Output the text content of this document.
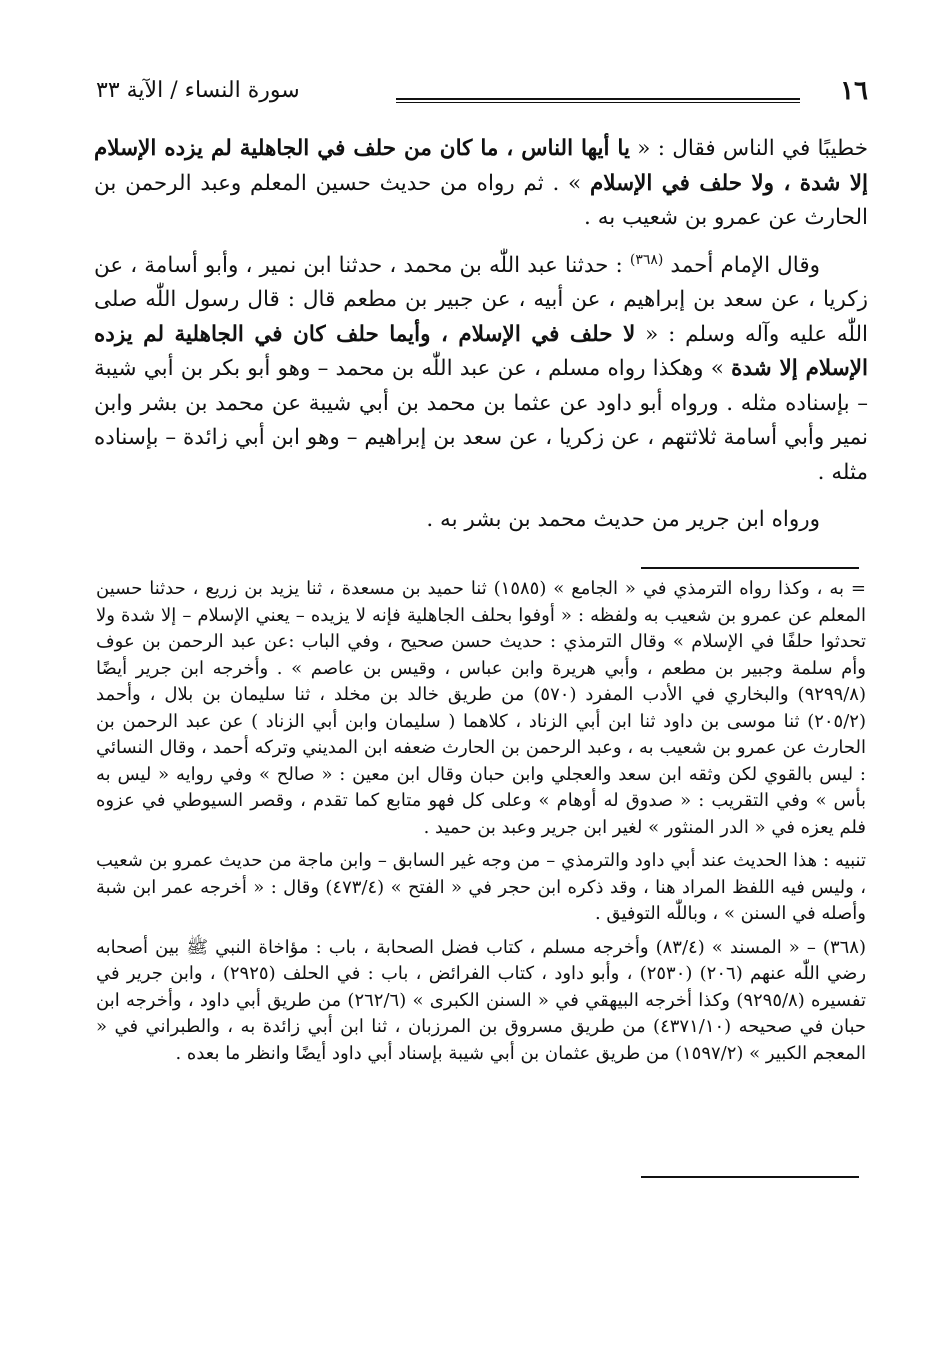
١٦
سورة النساء / الآية ٣٣

خطيبًا في الناس فقال : « يا أيها الناس ، ما كان من حلف في الجاهلية لم يزده الإسلام إلا شدة ، ولا حلف في الإسلام » . ثم رواه من حديث حسين المعلم وعبد الرحمن بن الحارث عن عمرو بن شعيب به .

وقال الإمام أحمد $^{(٣٦٨)}$ : حدثنا عبد اللّٰه بن محمد ، حدثنا ابن نمير ، وأبو أسامة ، عن زكريا ، عن سعد بن إبراهيم ، عن أبيه ، عن جبير بن مطعم قال : قال رسول اللّٰه صلى اللّٰه عليه وآله وسلم : « لا حلف في الإسلام ، وأيما حلف كان في الجاهلية لم يزده الإسلام إلا شدة » وهكذا رواه مسلم ، عن عبد اللّٰه بن محمد – وهو أبو بكر بن أبي شيبة – بإسناده مثله . ورواه أبو داود عن عثما بن محمد بن أبي شيبة عن محمد بن بشر وابن نمير وأبي أسامة ثلاثتهم ، عن زكريا ، عن سعد بن إبراهيم – وهو ابن أبي زائدة – بإسناده مثله .

ورواه ابن جرير من حديث محمد بن بشر به .

= به ، وكذا رواه الترمذي في « الجامع » (١٥٨٥) ثنا حميد بن مسعدة ، ثنا يزيد بن زريع ، حدثنا حسين المعلم عن عمرو بن شعيب به ولفظه : « أوفوا بحلف الجاهلية فإنه لا يزيده – يعني الإسلام – إلا شدة ولا تحدثوا حلفًا في الإسلام » وقال الترمذي : حديث حسن صحيح ، وفي الباب :عن عبد الرحمن بن عوف وأم سلمة وجبير بن مطعم ، وأبي هريرة وابن عباس ، وقيس بن عاصم » . وأخرجه ابن جرير أيضًا (٩٢٩٩/٨) والبخاري في الأدب المفرد (٥٧٠) من طريق خالد بن مخلد ، ثنا سليمان بن بلال ، وأحمد (٢٠٥/٢) ثنا موسى بن داود ثنا ابن أبي الزناد ، كلاهما ( سليمان وابن أبي الزناد ) عن عبد الرحمن بن الحارث عن عمرو بن شعيب به ، وعبد الرحمن بن الحارث ضعفه ابن المديني وتركه أحمد ، وقال النسائي : ليس بالقوي لكن وثقه ابن سعد والعجلي وابن حبان وقال ابن معين : « صالح » وفي روايه « ليس به بأس » وفي التقريب : « صدوق له أوهام » وعلى كل فهو متابع كما تقدم ، وقصر السيوطي في عزوه فلم يعزه في « الدر المنثور » لغير ابن جرير وعبد بن حميد .

تنبيه : هذا الحديث عند أبي داود والترمذي – من وجه غير السابق – وابن ماجة من حديث عمرو بن شعيب ، وليس فيه اللفظ المراد هنا ، وقد ذكره ابن حجر في « الفتح » (٤٧٣/٤) وقال : « أخرجه عمر ابن شبة وأصله في السنن » ، وباللّٰه التوفيق .

(٣٦٨) – « المسند » (٨٣/٤) وأخرجه مسلم ، كتاب فضل الصحابة ، باب : مؤاخاة النبي ﷺ بين أصحابه رضي اللّٰه عنهم (٢٠٦) (٢٥٣٠) ، وأبو داود ، كتاب الفرائض ، باب : في الحلف (٢٩٢٥) ، وابن جرير في تفسيره (٩٢٩٥/٨) وكذا أخرجه البيهقي في « السنن الكبرى » (٢٦٢/٦) من طريق أبي داود ، وأخرجه ابن حبان في صحيحه (٤٣٧١/١٠) من طريق مسروق بن المرزبان ، ثنا ابن أبي زائدة به ، والطبراني في « المعجم الكبير » (١٥٩٧/٢) من طريق عثمان بن أبي شيبة بإسناد أبي داود أيضًا وانظر ما بعده .
